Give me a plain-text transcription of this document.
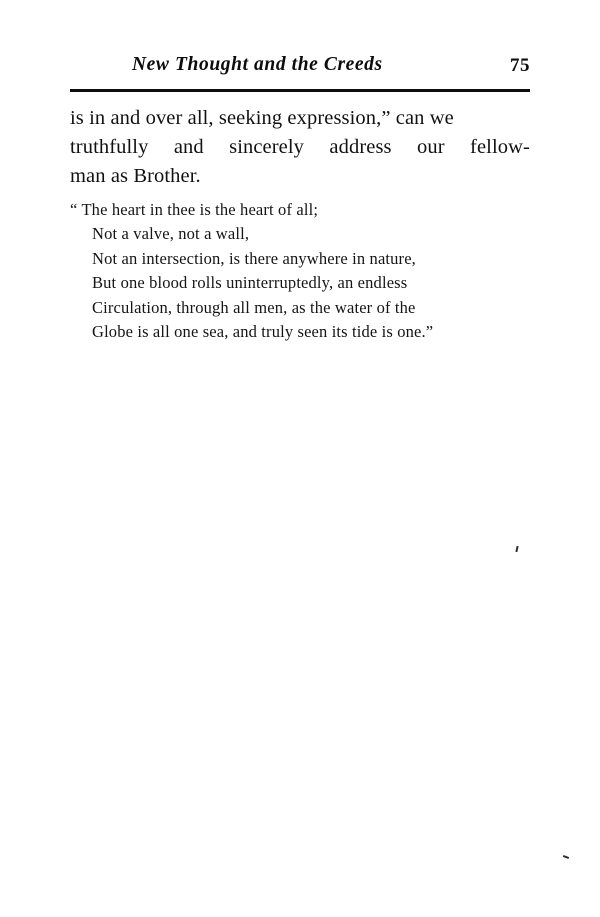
New Thought and the Creeds	75
is in and over all, seeking expression,” can we
truthfully and sincerely address our fellow-
man as Brother.
“ The heart in thee is the heart of all;
Not a valve, not a wall,
Not an intersection, is there anywhere in nature,
But one blood rolls uninterruptedly, an endless
Circulation, through all men, as the water of the
Globe is all one sea, and truly seen its tide is one.”
